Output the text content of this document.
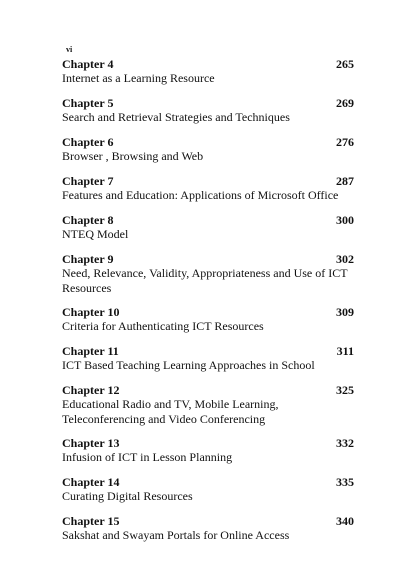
vi
Chapter 4	265
Internet as a Learning Resource
Chapter 5	269
Search and Retrieval Strategies and Techniques
Chapter 6	276
Browser , Browsing and Web
Chapter 7	287
Features and Education: Applications of Microsoft Office
Chapter 8	300
NTEQ Model
Chapter 9	302
Need, Relevance, Validity, Appropriateness and Use of ICT Resources
Chapter 10	309
Criteria for Authenticating ICT Resources
Chapter 11	311
ICT Based Teaching Learning Approaches in School
Chapter 12	325
Educational Radio and TV, Mobile Learning, Teleconferencing and Video Conferencing
Chapter 13	332
Infusion of ICT in Lesson Planning
Chapter 14	335
Curating Digital Resources
Chapter 15	340
Sakshat and Swayam Portals for Online Access
